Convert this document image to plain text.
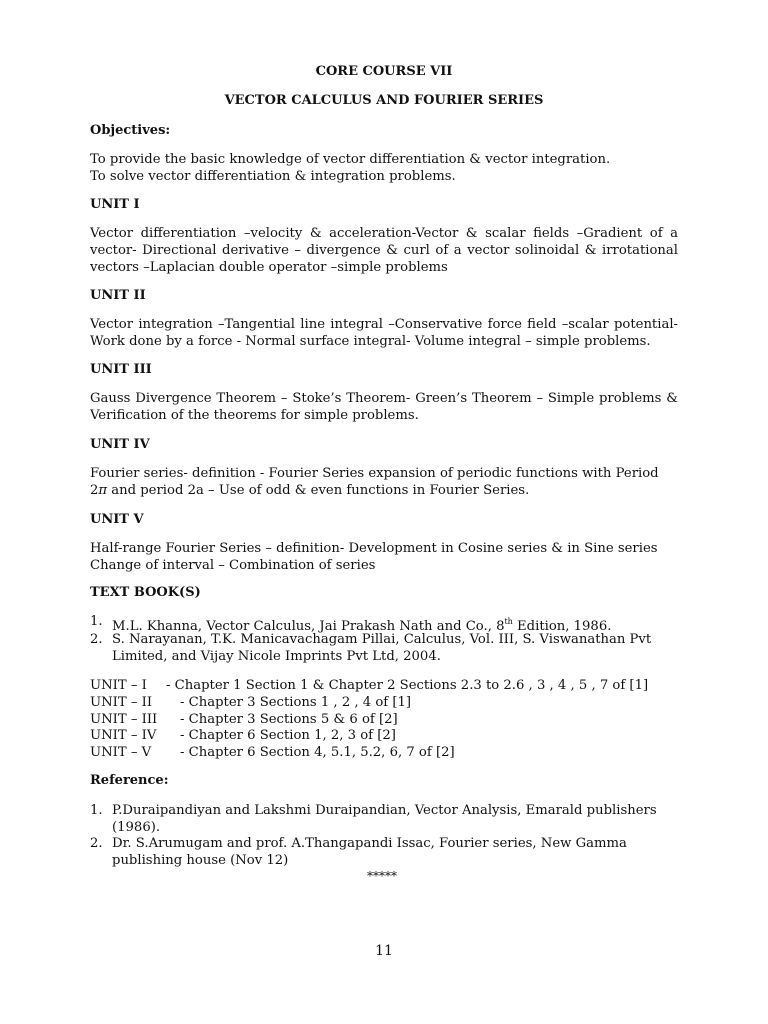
CORE COURSE VII
VECTOR CALCULUS AND FOURIER SERIES
Objectives:
To provide the basic knowledge of vector differentiation & vector integration.
To solve vector differentiation & integration problems.
UNIT I
Vector differentiation –velocity & acceleration-Vector & scalar fields –Gradient of a vector- Directional derivative – divergence & curl of a vector solinoidal & irrotational vectors –Laplacian double operator –simple problems
UNIT II
Vector integration –Tangential line integral –Conservative force field –scalar potential- Work done by a force - Normal surface integral- Volume integral – simple problems.
UNIT III
Gauss Divergence Theorem – Stoke’s Theorem- Green’s Theorem – Simple problems & Verification of the theorems for simple problems.
UNIT IV
Fourier series- definition - Fourier Series expansion of periodic functions with Period
2π and period 2a – Use of odd & even functions in Fourier Series.
UNIT V
Half-range Fourier Series – definition- Development in Cosine series & in Sine series
Change of interval – Combination of series
TEXT BOOK(S)
1. M.L. Khanna, Vector Calculus, Jai Prakash Nath and Co., 8th Edition, 1986.
2. S. Narayanan, T.K. Manicavachagam Pillai, Calculus, Vol. III, S. Viswanathan Pvt Limited, and Vijay Nicole Imprints Pvt Ltd, 2004.
UNIT – I - Chapter 1 Section 1 & Chapter 2 Sections 2.3 to 2.6 , 3 , 4 , 5 , 7 of [1]
UNIT – II - Chapter 3 Sections 1 , 2 , 4 of [1]
UNIT – III - Chapter 3 Sections 5 & 6 of [2]
UNIT – IV - Chapter 6 Section 1, 2, 3 of [2]
UNIT – V - Chapter 6 Section 4, 5.1, 5.2, 6, 7 of [2]
Reference:
1. P.Duraipandiyan and Lakshmi Duraipandian, Vector Analysis, Emarald publishers (1986).
2. Dr. S.Arumugam and prof. A.Thangapandi Issac, Fourier series, New Gamma publishing house (Nov 12)
*****
11
